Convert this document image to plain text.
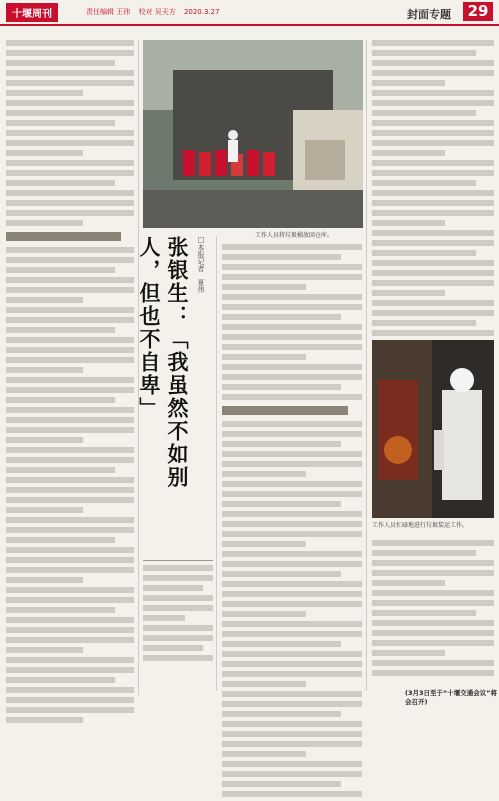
十堰周刊	责任编辑 王玮 校对 吴天方 2020.3.27	封面专题	29
工作人员将垃圾桶放回仓库。
张银生：「我虽然不如别人，但也不自卑」	□本报记者　夏伟
工作人员忙碌地进行垃圾装运工作。
(3月3日至于“十堰交通会议”将会召开)
